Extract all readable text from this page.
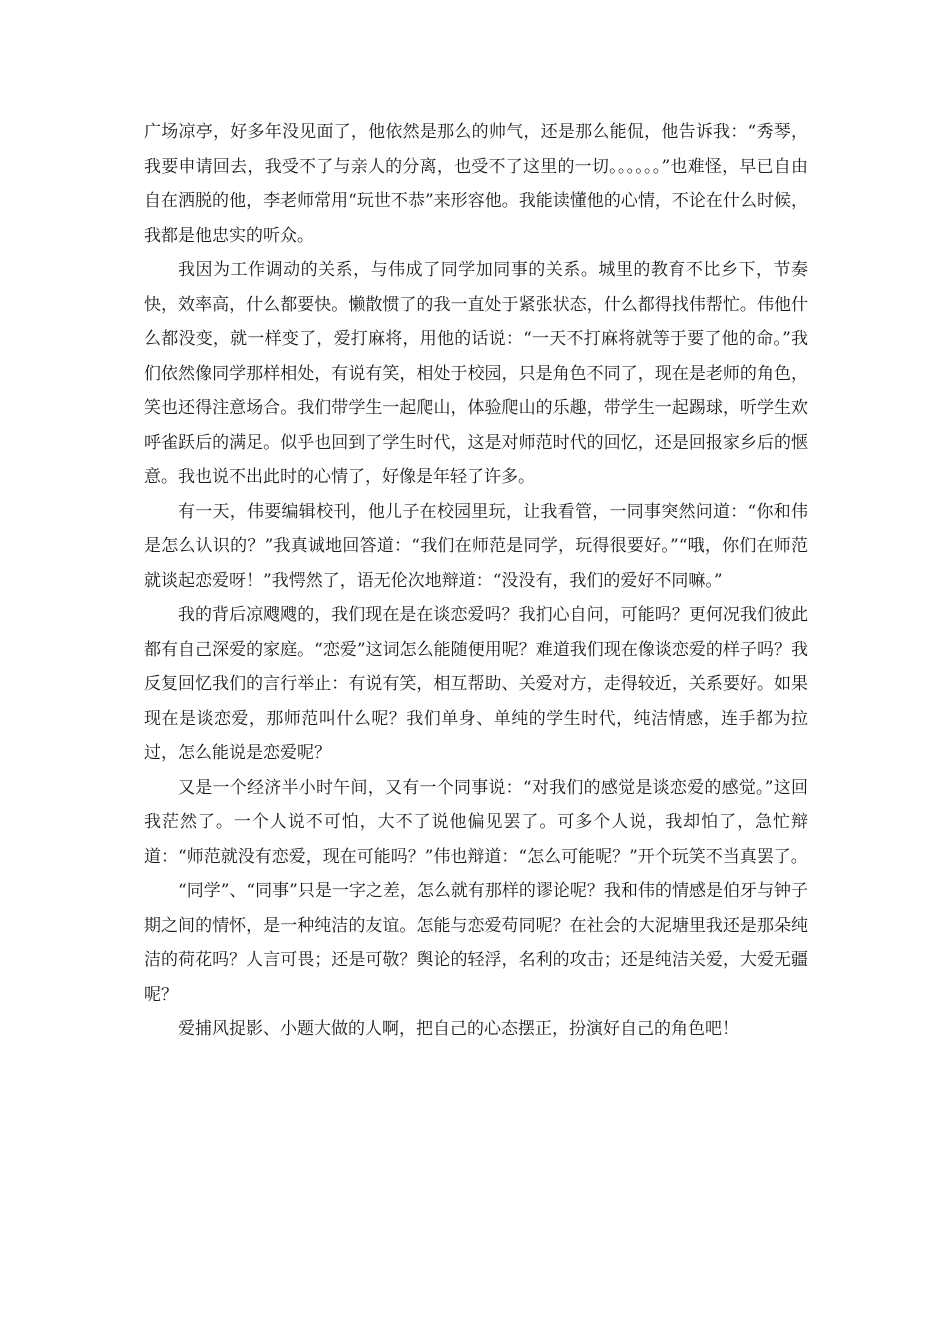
广场凉亭，好多年没见面了，他依然是那么的帅气，还是那么能侃，他告诉我：“秀琴，我要申请回去，我受不了与亲人的分离，也受不了这里的一切。。。。。。”也难怪，早已自由自在洒脱的他，李老师常用“玩世不恭”来形容他。我能读懂他的心情，不论在什么时候，我都是他忠实的听众。

我因为工作调动的关系，与伟成了同学加同事的关系。城里的教育不比乡下，节奏快，效率高，什么都要快。懒散惯了的我一直处于紧张状态，什么都得找伟帮忙。伟他什么都没变，就一样变了，爱打麻将，用他的话说：“一天不打麻将就等于要了他的命。”我们依然像同学那样相处，有说有笑，相处于校园，只是角色不同了，现在是老师的角色，笑也还得注意场合。我们带学生一起爬山，体验爬山的乐趣，带学生一起踢球，听学生欢呼雀跃后的满足。似乎也回到了学生时代，这是对师范时代的回忆，还是回报家乡后的惬意。我也说不出此时的心情了，好像是年轻了许多。

有一天，伟要编辑校刊，他儿子在校园里玩，让我看管，一同事突然问道：“你和伟是怎么认识的？”我真诚地回答道：“我们在师范是同学，玩得很要好。”“哦，你们在师范就谈起恋爱呀！”我愕然了，语无伦次地辩道：“没没有，我们的爱好不同嘛。”

我的背后凉飕飕的，我们现在是在谈恋爱吗？我扪心自问，可能吗？更何况我们彼此都有自己深爱的家庭。“恋爱”这词怎么能随便用呢？难道我们现在像谈恋爱的样子吗？我反复回忆我们的言行举止：有说有笑，相互帮助、关爱对方，走得较近，关系要好。如果现在是谈恋爱，那师范叫什么呢？我们单身、单纯的学生时代，纯洁情感，连手都为拉过，怎么能说是恋爱呢？

又是一个经济半小时午间，又有一个同事说：“对我们的感觉是谈恋爱的感觉。”这回我茫然了。一个人说不可怕，大不了说他偏见罢了。可多个人说，我却怕了，急忙辩道：“师范就没有恋爱，现在可能吗？”伟也辩道：“怎么可能呢？”开个玩笑不当真罢了。

“同学”、“同事”只是一字之差，怎么就有那样的谬论呢？我和伟的情感是伯牙与钟子期之间的情怀，是一种纯洁的友谊。怎能与恋爱苟同呢？在社会的大泥塘里我还是那朵纯洁的荷花吗？人言可畏；还是可敬？舆论的轻浮，名利的攻击；还是纯洁关爱，大爱无疆呢？

爱捕风捉影、小题大做的人啊，把自己的心态摆正，扮演好自己的角色吧！
